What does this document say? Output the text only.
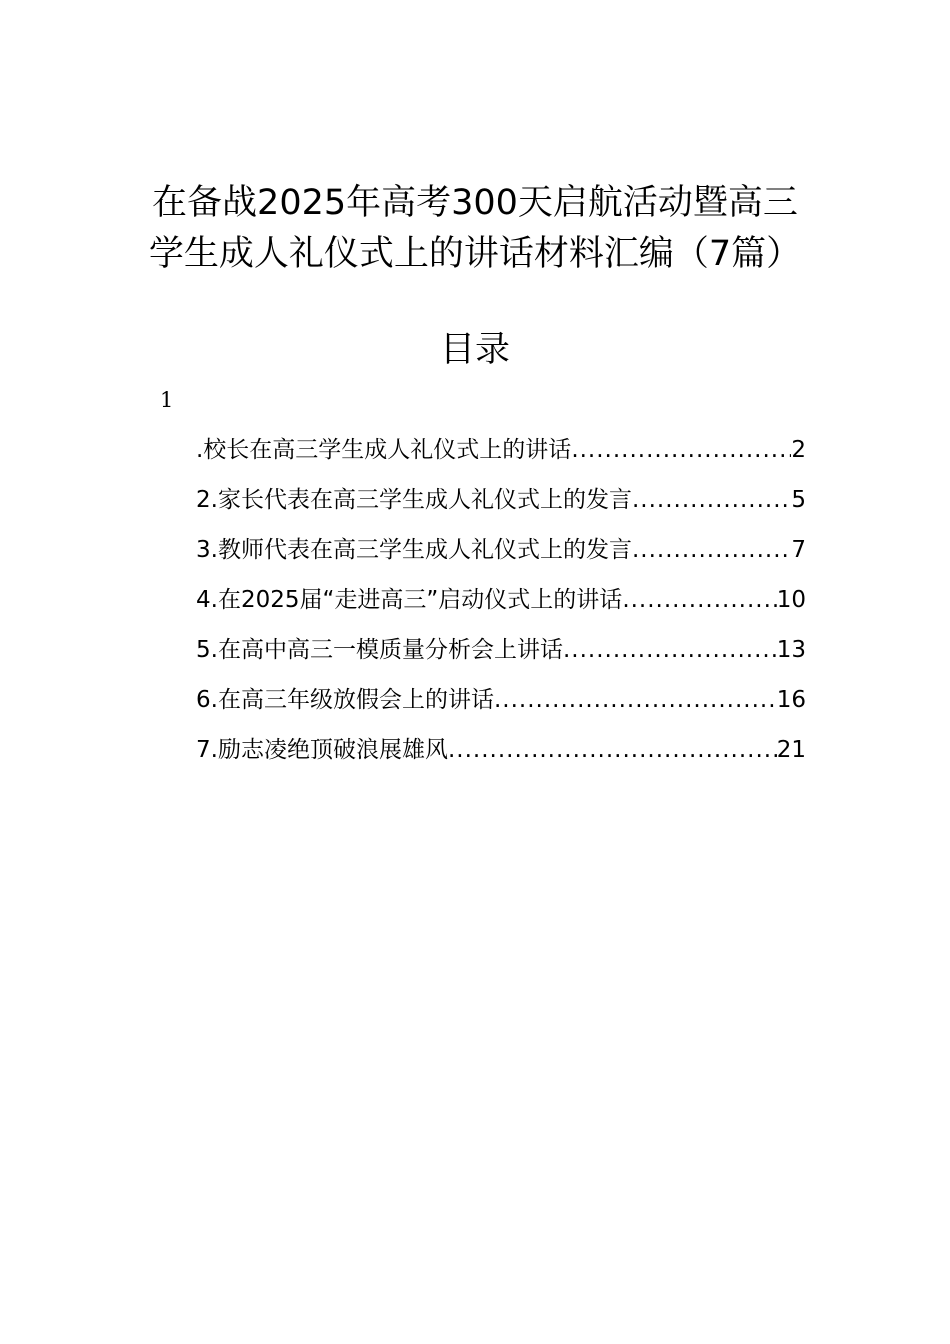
在备战2025年高考300天启航活动暨高三
学生成人礼仪式上的讲话材料汇编（7篇）
目录
1
.校长在高三学生成人礼仪式上的讲话 .....	2
2.家长代表在高三学生成人礼仪式上的发言 .....	5
3.教师代表在高三学生成人礼仪式上的发言 .....	7
4.在2025届“走进高三”启动仪式上的讲话 .....	10
5.在高中高三一模质量分析会上讲话 .....	13
6.在高三年级放假会上的讲话 .....	16
7.励志凌绝顶破浪展雄风 .....	21
